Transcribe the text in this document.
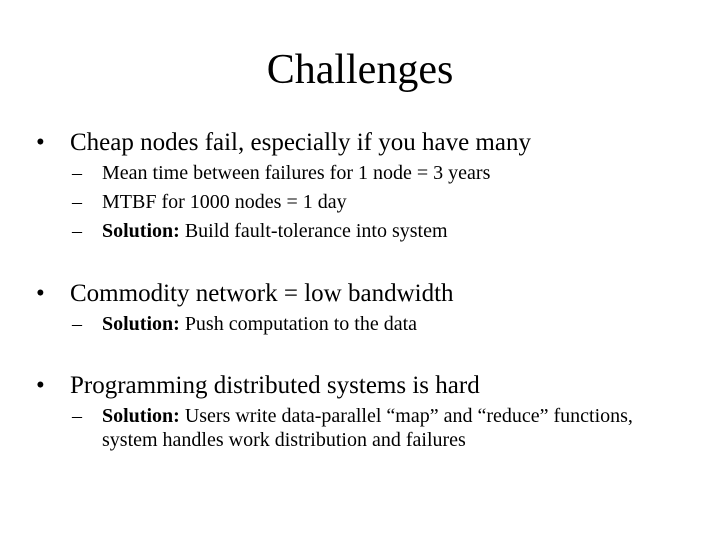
Challenges
•	Cheap nodes fail, especially if you have many
–	Mean time between failures for 1 node = 3 years
–	MTBF for 1000 nodes = 1 day
–	Solution: Build fault-tolerance into system
•	Commodity network = low bandwidth
–	Solution: Push computation to the data
•	Programming distributed systems is hard
–	Solution: Users write data-parallel “map” and “reduce” functions, system handles work distribution and failures
